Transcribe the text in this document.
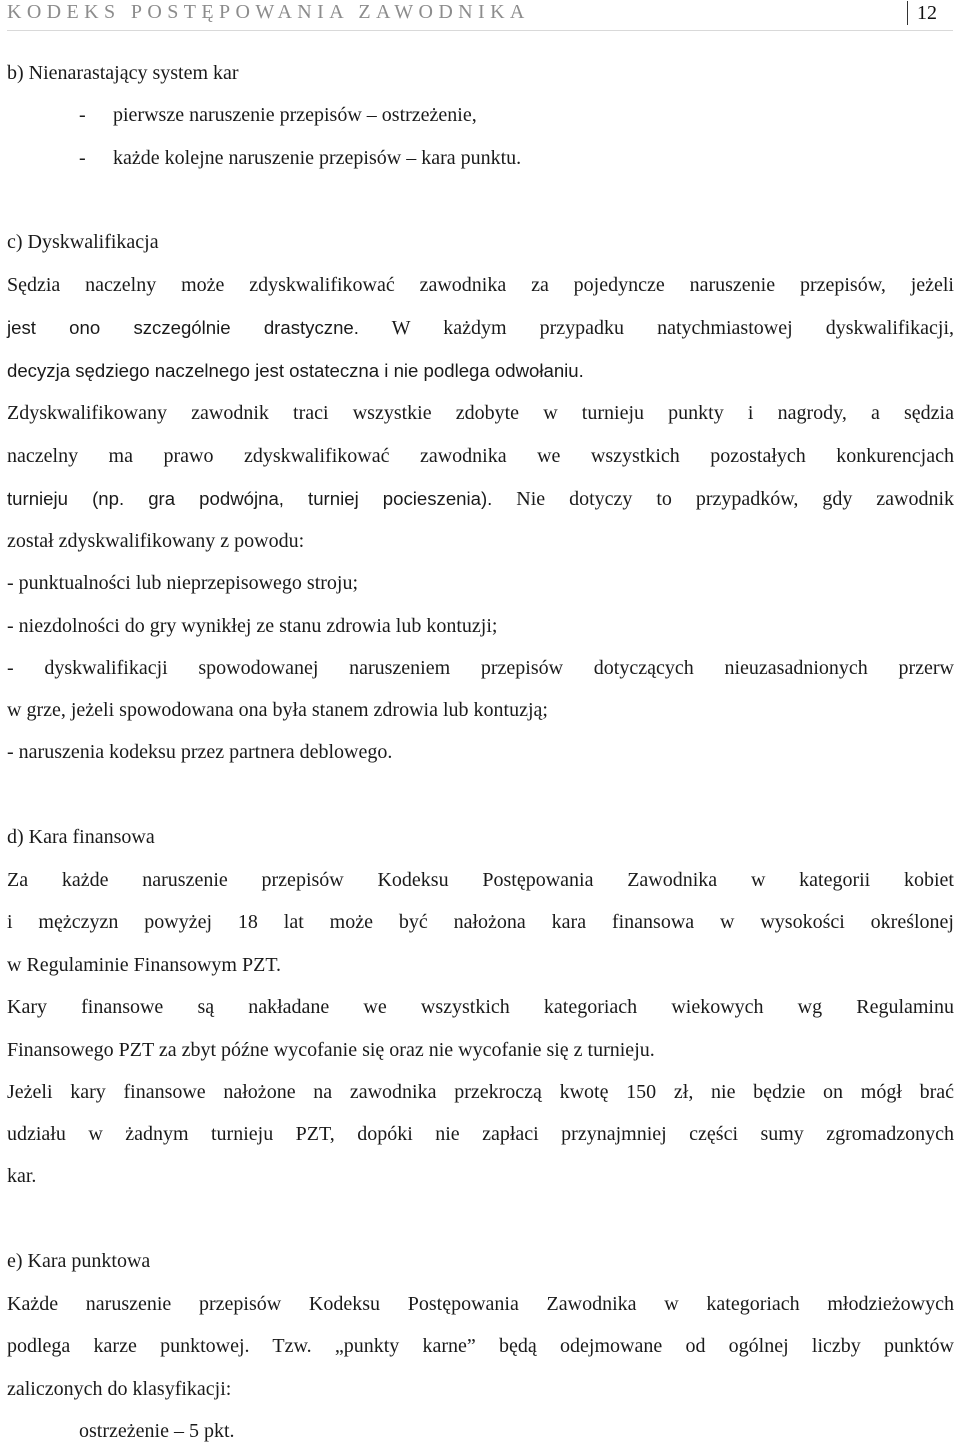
KODEKS POSTĘPOWANIA ZAWODNIKA	12
b) Nienarastający system kar
- pierwsze naruszenie przepisów – ostrzeżenie,
- każde kolejne naruszenie przepisów – kara punktu.
c) Dyskwalifikacja
Sędzia naczelny może zdyskwalifikować zawodnika za pojedyncze naruszenie przepisów, jeżeli
jest ono szczególnie drastyczne. W każdym przypadku natychmiastowej dyskwalifikacji,
decyzja sędziego naczelnego jest ostateczna i nie podlega odwołaniu.
Zdyskwalifikowany zawodnik traci wszystkie zdobyte w turnieju punkty i nagrody, a sędzia
naczelny ma prawo zdyskwalifikować zawodnika we wszystkich pozostałych konkurencjach
turnieju (np. gra podwójna, turniej pocieszenia). Nie dotyczy to przypadków, gdy zawodnik
został zdyskwalifikowany z powodu:
- punktualności lub nieprzepisowego stroju;
- niezdolności do gry wynikłej ze stanu zdrowia lub kontuzji;
- dyskwalifikacji spowodowanej naruszeniem przepisów dotyczących nieuzasadnionych przerw
w grze, jeżeli spowodowana ona była stanem zdrowia lub kontuzją;
- naruszenia kodeksu przez partnera deblowego.
d) Kara finansowa
Za każde naruszenie przepisów Kodeksu Postępowania Zawodnika w kategorii kobiet
i mężczyzn powyżej 18 lat może być nałożona kara finansowa w wysokości określonej
w Regulaminie Finansowym PZT.
Kary finansowe są nakładane we wszystkich kategoriach wiekowych wg Regulaminu
Finansowego PZT za zbyt późne wycofanie się oraz nie wycofanie się z turnieju.
Jeżeli kary finansowe nałożone na zawodnika przekroczą kwotę 150 zł, nie będzie on mógł brać
udziału w żadnym turnieju PZT, dopóki nie zapłaci przynajmniej części sumy zgromadzonych
kar.
e) Kara punktowa
Każde naruszenie przepisów Kodeksu Postępowania Zawodnika w kategoriach młodzieżowych
podlega karze punktowej. Tzw. „punkty karne” będą odejmowane od ogólnej liczby punktów
zaliczonych do klasyfikacji:
ostrzeżenie – 5 pkt.
